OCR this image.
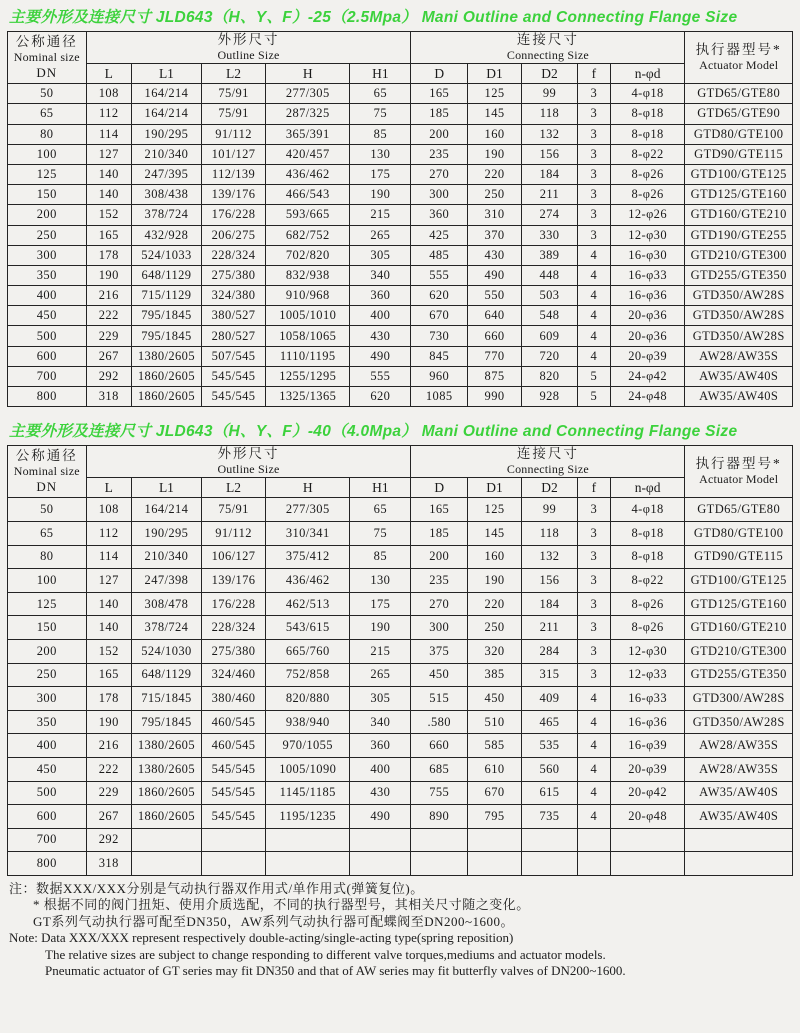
主要外形及连接尺寸 JLD643（H、Y、F）-25（2.5Mpa） Mani Outline and Connecting Flange Size
公称通径
Nominal size
DN	外形尺寸
Outline Size					连接尺寸
Connecting Size					执行器型号*
Actuator Model
	L	L1	L2	H	H1	D	D1	D2	f	n-φd	
50	108	164/214	75/91	277/305	65	165	125	99	3	4-φ18	GTD65/GTE80
65	112	164/214	75/91	287/325	75	185	145	118	3	8-φ18	GTD65/GTE90
80	114	190/295	91/112	365/391	85	200	160	132	3	8-φ18	GTD80/GTE100
100	127	210/340	101/127	420/457	130	235	190	156	3	8-φ22	GTD90/GTE115
125	140	247/395	112/139	436/462	175	270	220	184	3	8-φ26	GTD100/GTE125
150	140	308/438	139/176	466/543	190	300	250	211	3	8-φ26	GTD125/GTE160
200	152	378/724	176/228	593/665	215	360	310	274	3	12-φ26	GTD160/GTE210
250	165	432/928	206/275	682/752	265	425	370	330	3	12-φ30	GTD190/GTE255
300	178	524/1033	228/324	702/820	305	485	430	389	4	16-φ30	GTD210/GTE300
350	190	648/1129	275/380	832/938	340	555	490	448	4	16-φ33	GTD255/GTE350
400	216	715/1129	324/380	910/968	360	620	550	503	4	16-φ36	GTD350/AW28S
450	222	795/1845	380/527	1005/1010	400	670	640	548	4	20-φ36	GTD350/AW28S
500	229	795/1845	280/527	1058/1065	430	730	660	609	4	20-φ36	GTD350/AW28S
600	267	1380/2605	507/545	1110/1195	490	845	770	720	4	20-φ39	AW28/AW35S
700	292	1860/2605	545/545	1255/1295	555	960	875	820	5	24-φ42	AW35/AW40S
800	318	1860/2605	545/545	1325/1365	620	1085	990	928	5	24-φ48	AW35/AW40S
主要外形及连接尺寸 JLD643（H、Y、F）-40（4.0Mpa） Mani Outline and Connecting Flange Size
公称通径
Nominal size
DN	外形尺寸
Outline Size					连接尺寸
Connecting Size					执行器型号*
Actuator Model
	L	L1	L2	H	H1	D	D1	D2	f	n-φd	
50	108	164/214	75/91	277/305	65	165	125	99	3	4-φ18	GTD65/GTE80
65	112	190/295	91/112	310/341	75	185	145	118	3	8-φ18	GTD80/GTE100
80	114	210/340	106/127	375/412	85	200	160	132	3	8-φ18	GTD90/GTE115
100	127	247/398	139/176	436/462	130	235	190	156	3	8-φ22	GTD100/GTE125
125	140	308/478	176/228	462/513	175	270	220	184	3	8-φ26	GTD125/GTE160
150	140	378/724	228/324	543/615	190	300	250	211	3	8-φ26	GTD160/GTE210
200	152	524/1030	275/380	665/760	215	375	320	284	3	12-φ30	GTD210/GTE300
250	165	648/1129	324/460	752/858	265	450	385	315	3	12-φ33	GTD255/GTE350
300	178	715/1845	380/460	820/880	305	515	450	409	4	16-φ33	GTD300/AW28S
350	190	795/1845	460/545	938/940	340	.580	510	465	4	16-φ36	GTD350/AW28S
400	216	1380/2605	460/545	970/1055	360	660	585	535	4	16-φ39	AW28/AW35S
450	222	1380/2605	545/545	1005/1090	400	685	610	560	4	20-φ39	AW28/AW35S
500	229	1860/2605	545/545	1145/1185	430	755	670	615	4	20-φ42	AW35/AW40S
600	267	1860/2605	545/545	1195/1235	490	890	795	735	4	20-φ48	AW35/AW40S
700	292										
800	318										
注：数据XXX/XXX分别是气动执行器双作用式/单作用式(弹簧复位)。
* 根据不同的阀门扭矩、使用介质选配，不同的执行器型号，其相关尺寸随之变化。
GT系列气动执行器可配至DN350，AW系列气动执行器可配蝶阀至DN200~1600。
Note: Data XXX/XXX represent respectively double-acting/single-acting type(spring reposition)
The relative sizes are subject to change responding to different valve torques,mediums and actuator models.
Pneumatic actuator of GT series may fit DN350 and that of AW series may fit butterfly valves of DN200~1600.
